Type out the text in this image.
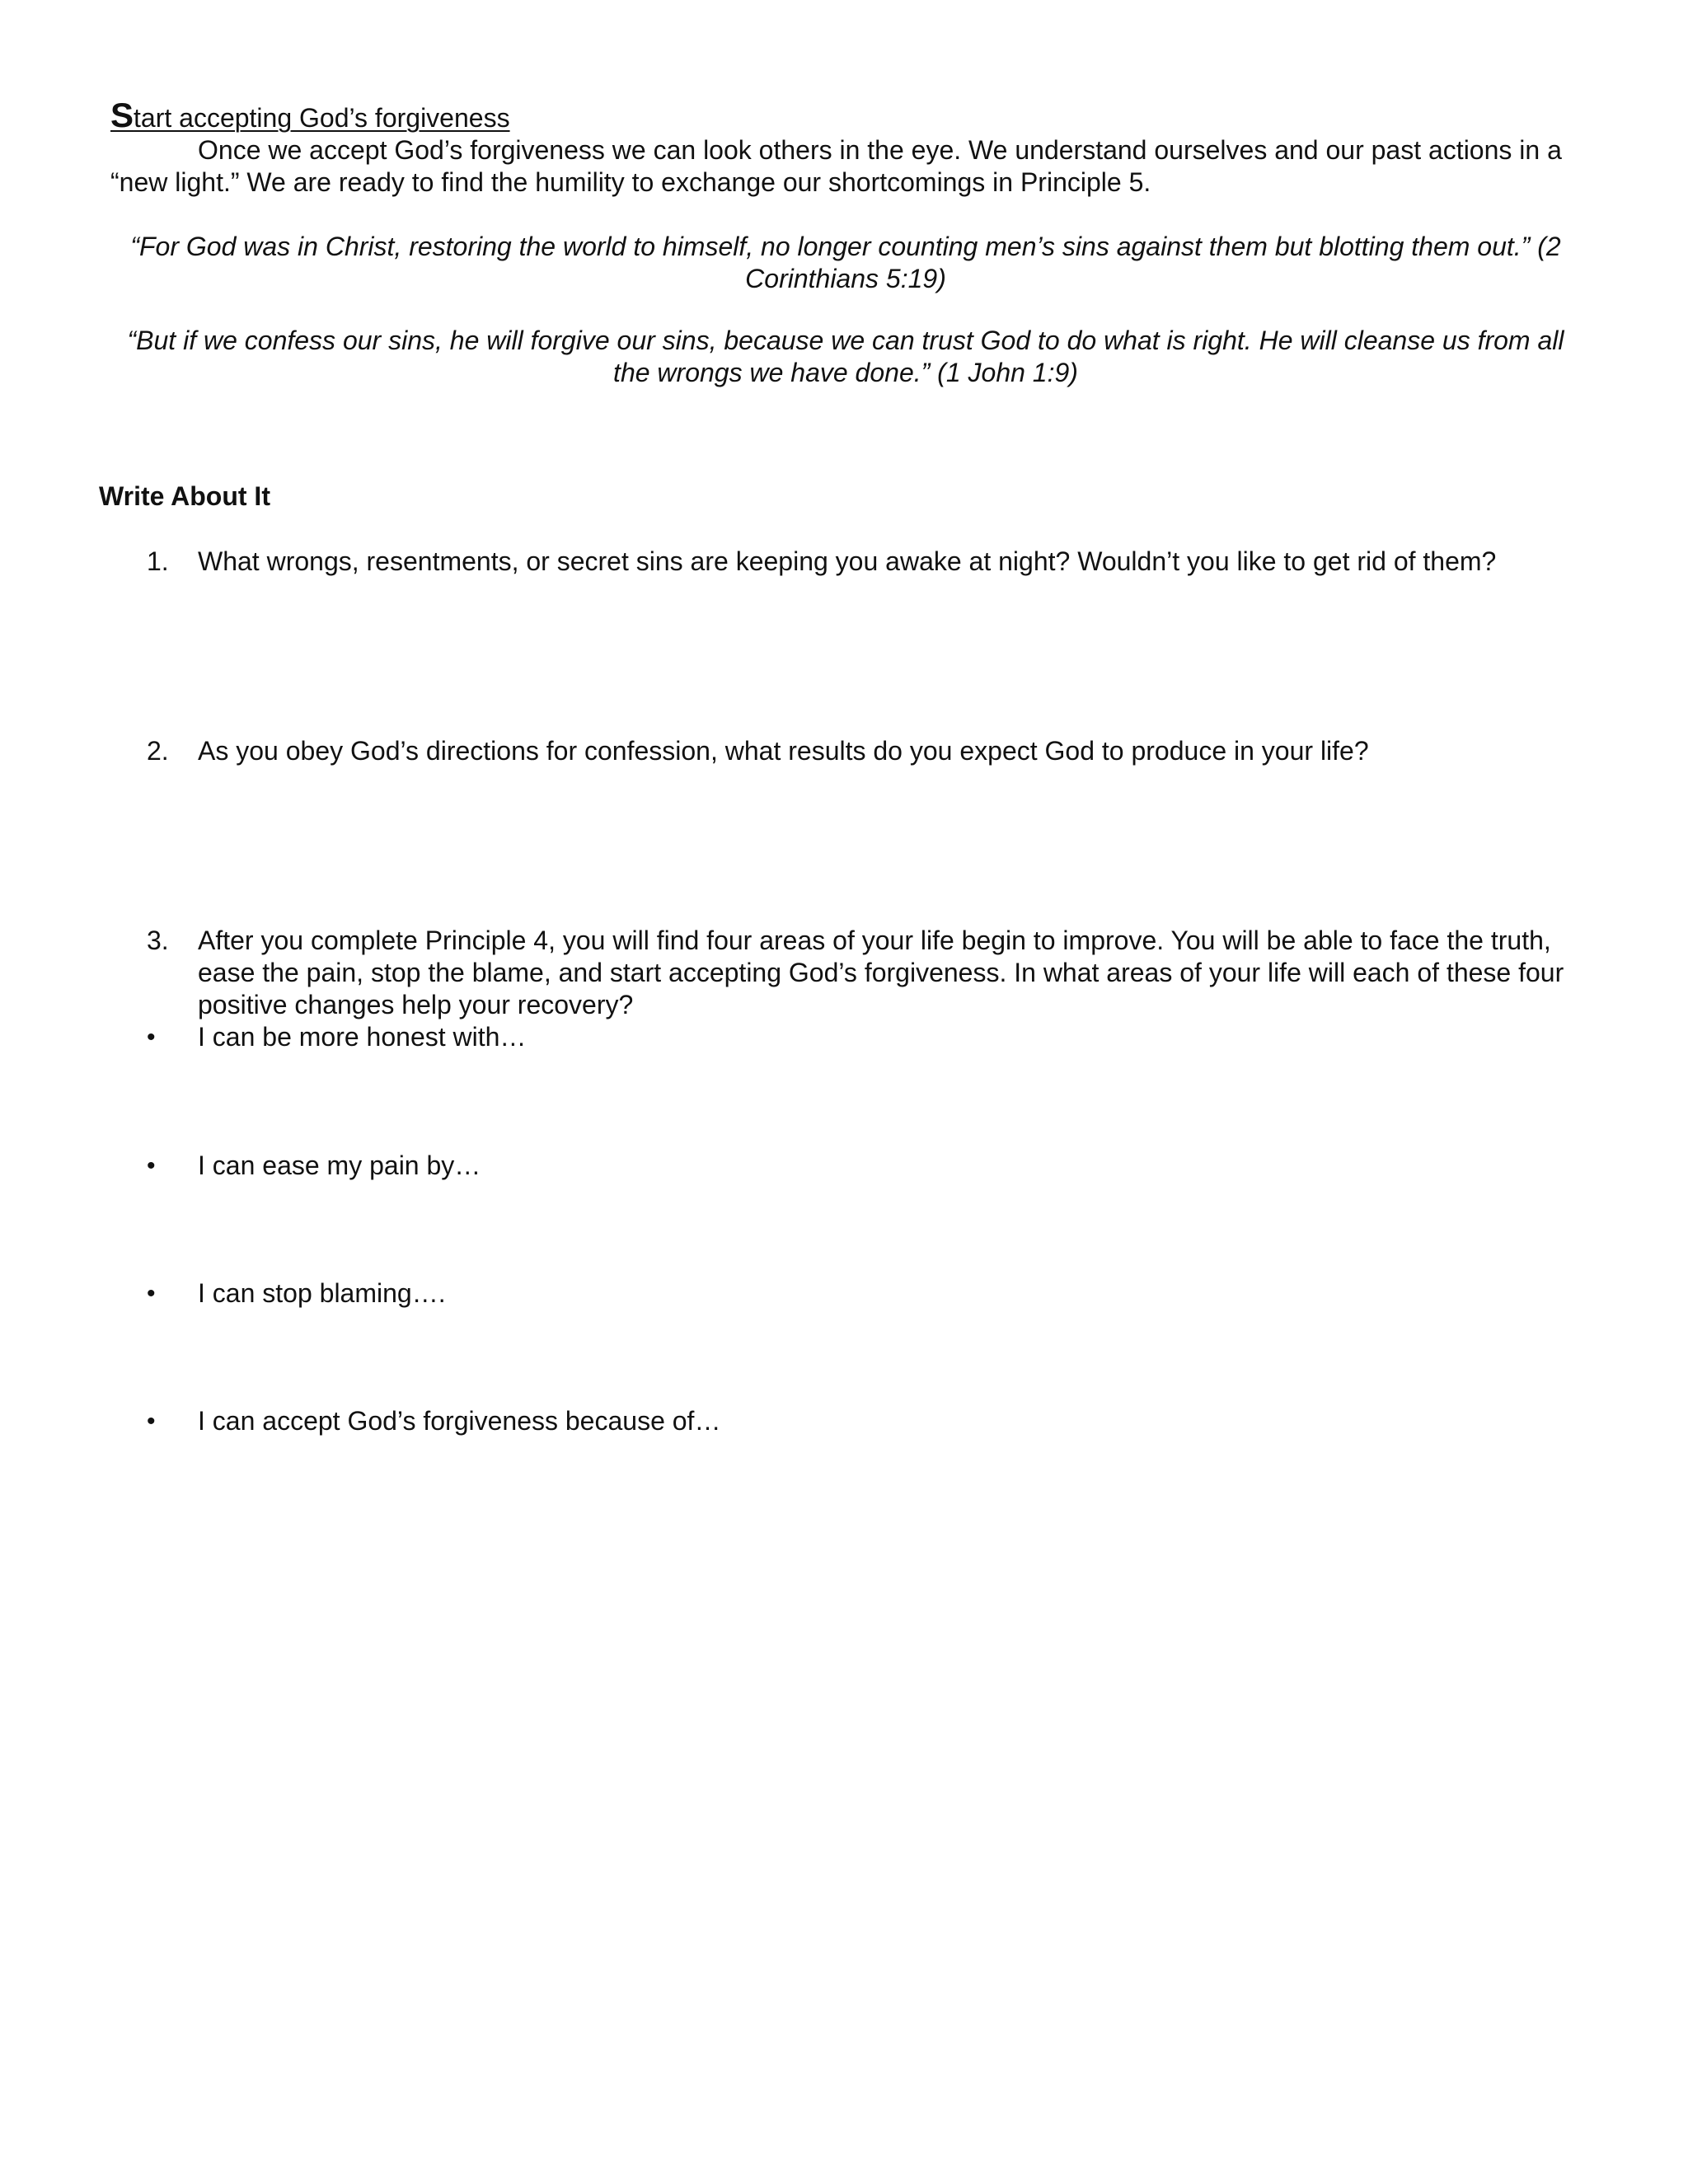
Start accepting God’s forgiveness

Once we accept God’s forgiveness we can look others in the eye. We understand ourselves and our past actions in a “new light.” We are ready to find the humility to exchange our shortcomings in Principle 5.

“For God was in Christ, restoring the world to himself, no longer counting men’s sins against them but blotting them out.” (2 Corinthians 5:19)

“But if we confess our sins, he will forgive our sins, because we can trust God to do what is right. He will cleanse us from all the wrongs we have done.” (1 John 1:9)

Write About It
1.	What wrongs, resentments, or secret sins are keeping you awake at night? Wouldn’t you like to get rid of them?
2.	As you obey God’s directions for confession, what results do you expect God to produce in your life?
3.	After you complete Principle 4, you will find four areas of your life begin to improve. You will be able to face the truth, ease the pain, stop the blame, and start accepting God’s forgiveness. In what areas of your life will each of these four positive changes help your recovery?
•	I can be more honest with…
•	I can ease my pain by…
•	I can stop blaming….
•	I can accept God’s forgiveness because of…
